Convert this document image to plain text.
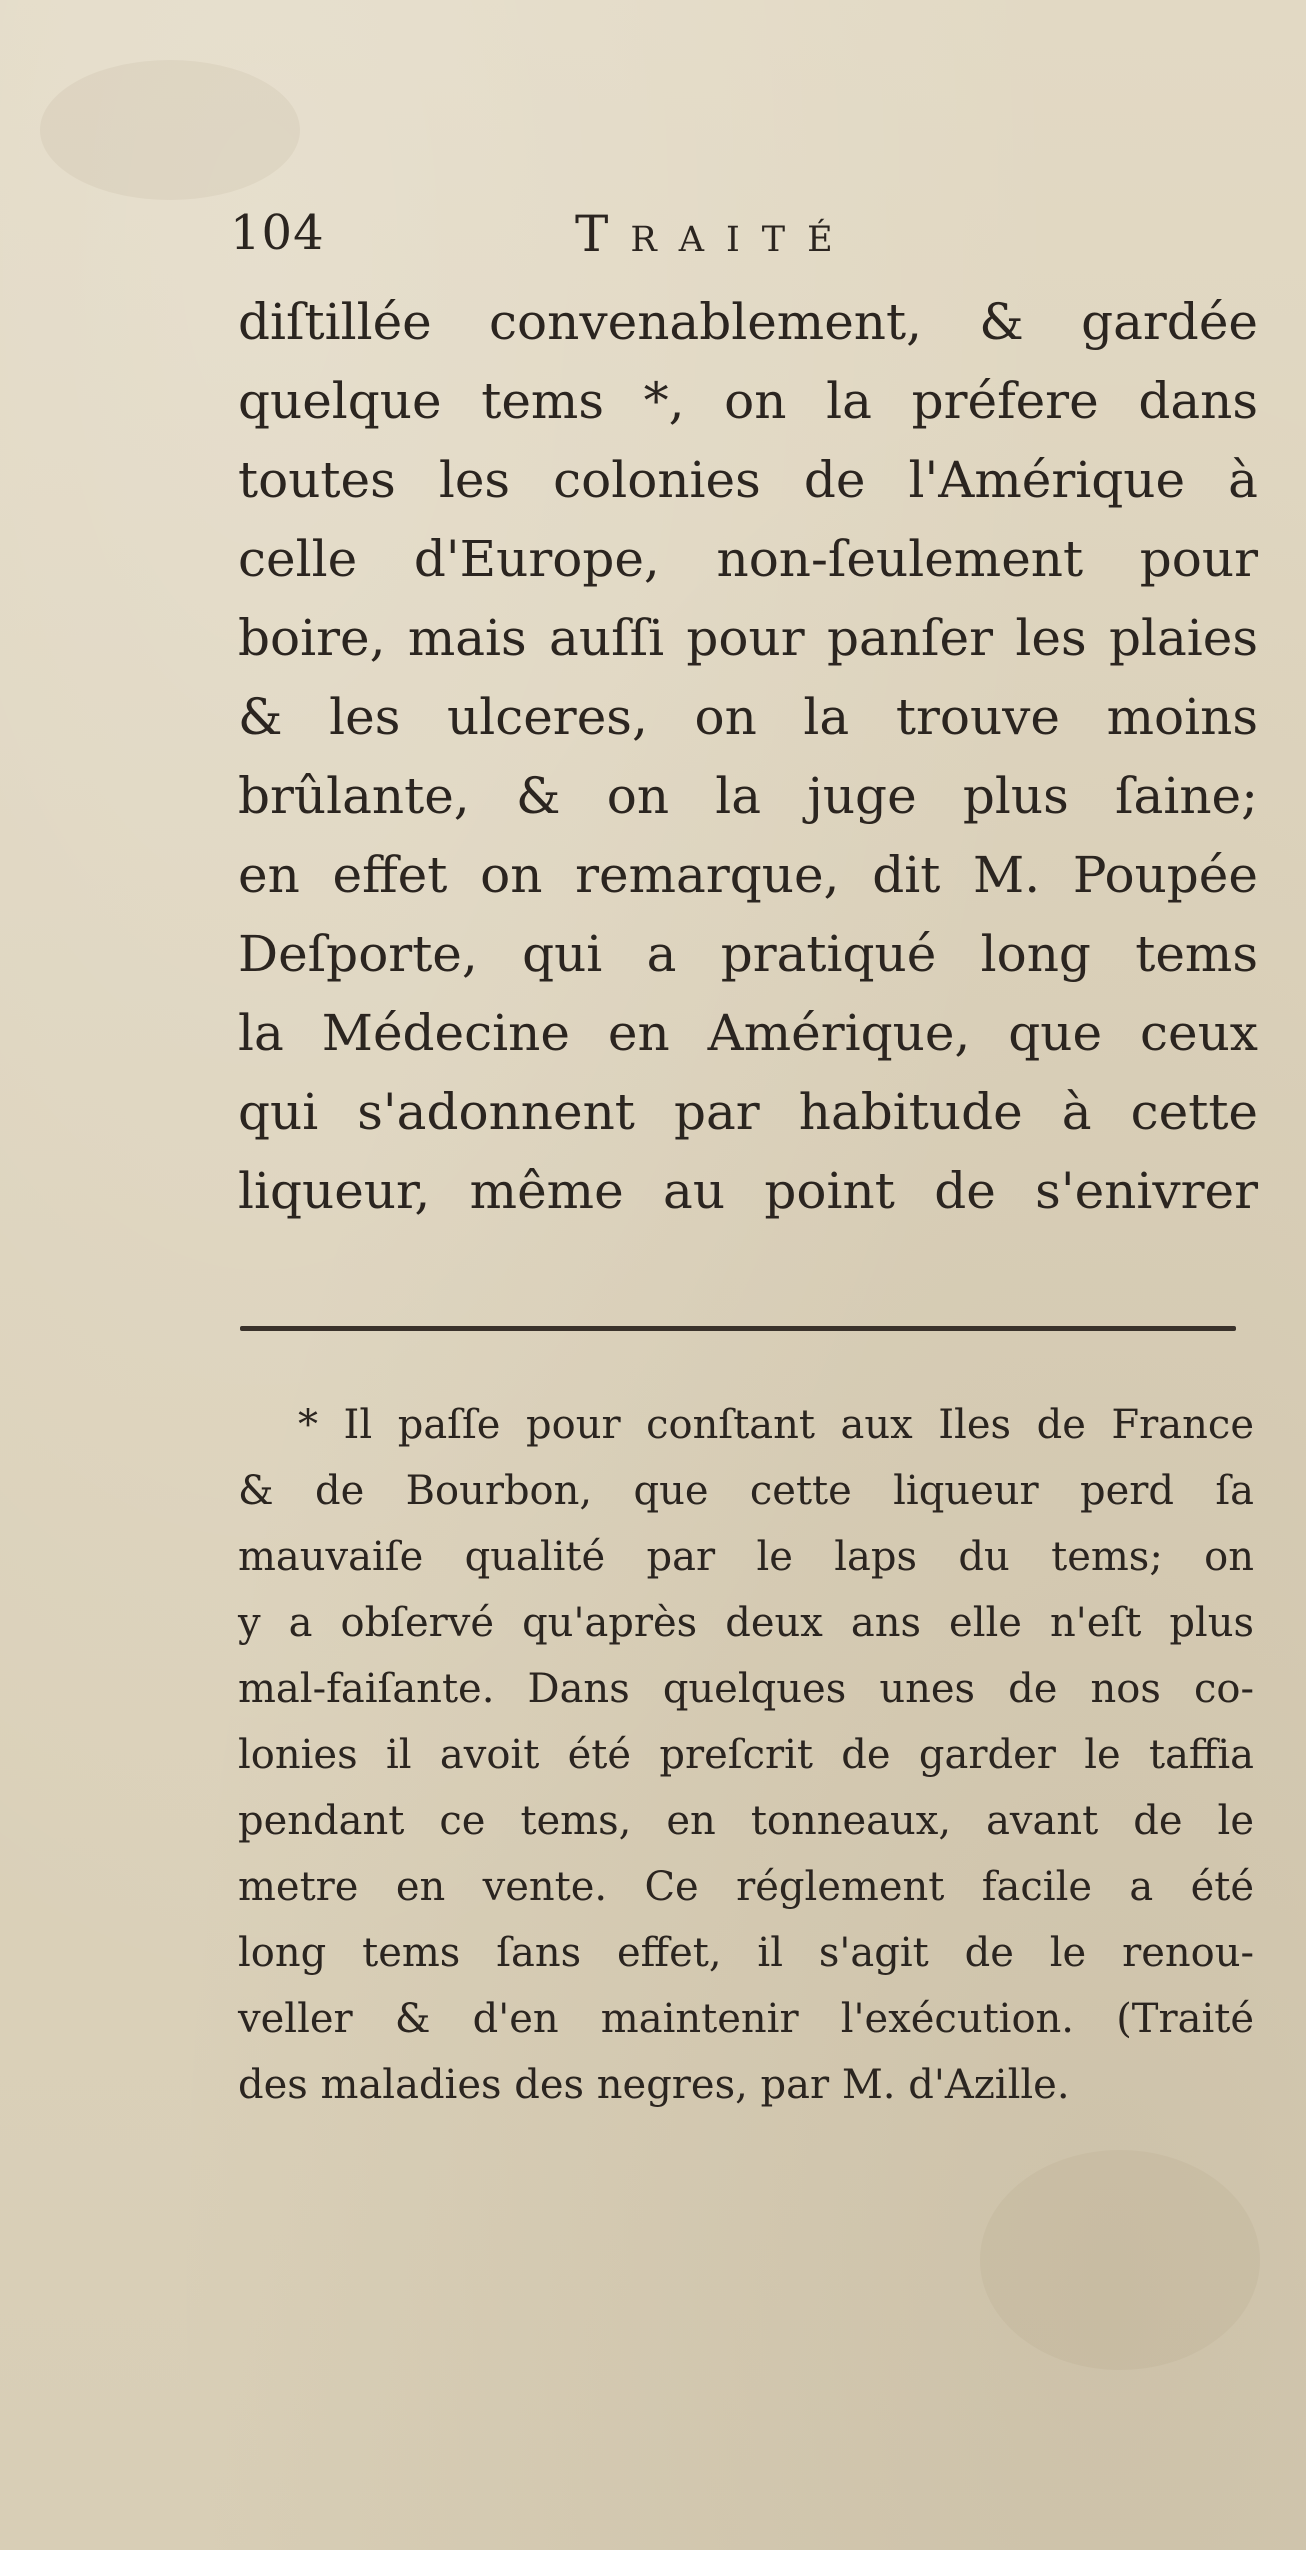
104	Traité
diſtillée convenablement, & gardée
quelque tems *, on la préfere dans
toutes les colonies de l'Amérique à
celle d'Europe, non-ſeulement pour
boire, mais auſſi pour panſer les plaies
& les ulceres, on la trouve moins
brûlante, & on la juge plus ſaine;
en effet on remarque, dit M. Poupée
Deſporte, qui a pratiqué long tems
la Médecine en Amérique, que ceux
qui s'adonnent par habitude à cette
liqueur, même au point de s'enivrer
* Il paſſe pour conſtant aux Iles de France
& de Bourbon, que cette liqueur perd ſa
mauvaiſe qualité par le laps du tems; on
y a obſervé qu'après deux ans elle n'eſt plus
mal-faiſante. Dans quelques unes de nos co-
lonies il avoit été preſcrit de garder le taffia
pendant ce tems, en tonneaux, avant de le
metre en vente. Ce réglement facile a été
long tems ſans effet, il s'agit de le renou-
veller & d'en maintenir l'exécution. (Traité
des maladies des negres, par M. d'Azille.
